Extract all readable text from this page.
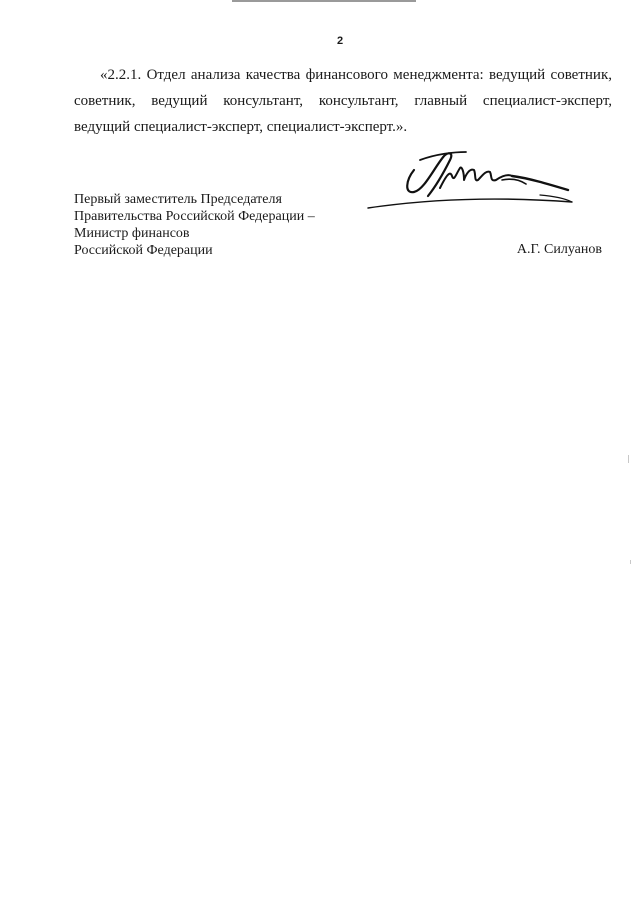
2

«2.2.1. Отдел анализа качества финансового менеджмента: ведущий советник,

советник, ведущий консультант, консультант, главный специалист-эксперт,

ведущий специалист-эксперт, специалист-эксперт.».

Первый заместитель Председателя
Правительства Российской Федерации –
Министр финансов
Российской Федерации	А.Г. Силуанов
